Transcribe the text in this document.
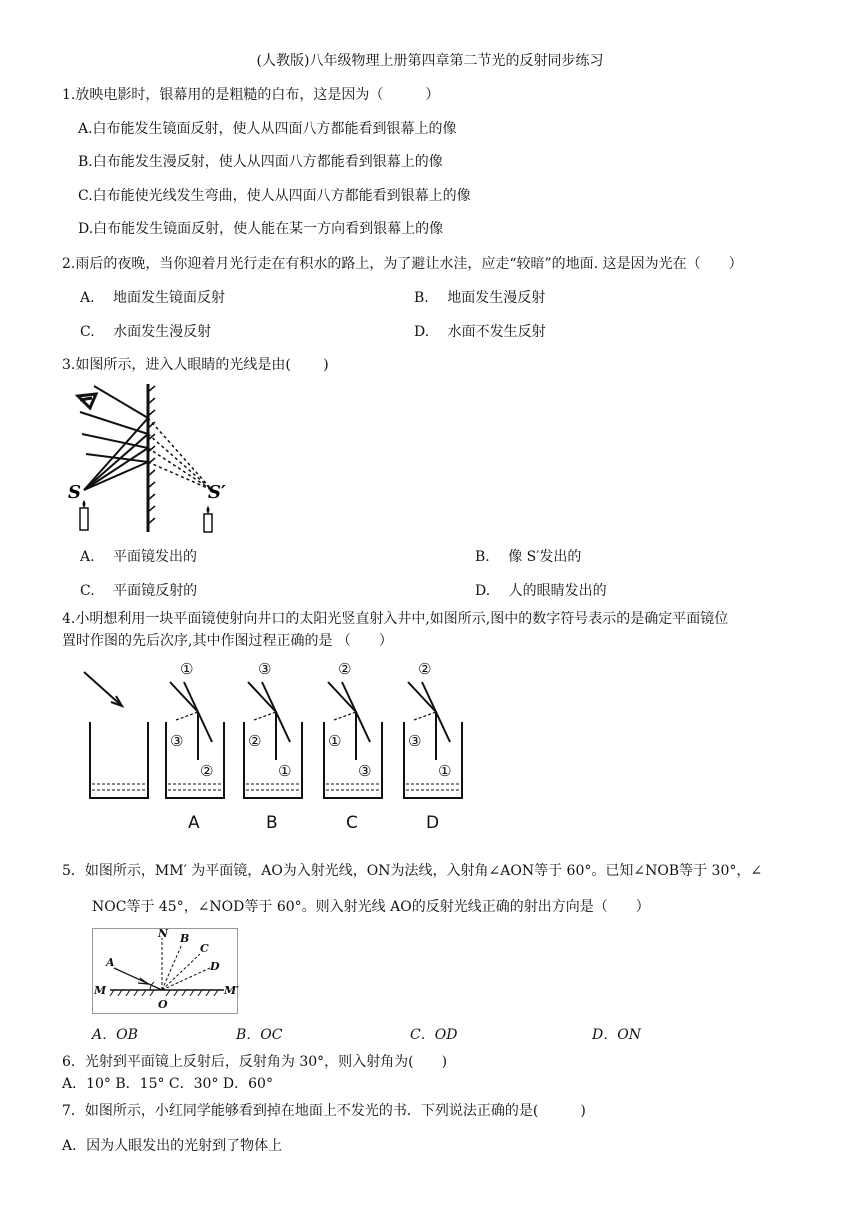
(人教版)八年级物理上册第四章第二节光的反射同步练习
1.放映电影时，银幕用的是粗糙的白布，这是因为（　　　）
A.白布能发生镜面反射，使人从四面八方都能看到银幕上的像
B.白布能发生漫反射，使人从四面八方都能看到银幕上的像
C.白布能使光线发生弯曲，使人从四面八方都能看到银幕上的像
D.白布能发生镜面反射，使人能在某一方向看到银幕上的像
2.雨后的夜晚，当你迎着月光行走在有积水的路上，为了避让水洼，应走“较暗”的地面. 这是因为光在（　　）
A.　 地面发生镜面反射	B.　 地面发生漫反射
C.　 水面发生漫反射	D.　 水面不发生反射
3.如图所示，进入人眼睛的光线是由(　　 )
S	S′
A.　 平面镜发出的	B.　 像 S′发出的
C.　 平面镜反射的	D.　 人的眼睛发出的
4.小明想利用一块平面镜使射向井口的太阳光竖直射入井中,如图所示,图中的数字符号表示的是确定平面镜位
置时作图的先后次序,其中作图过程正确的是 （　　）
①
③
②
③
②
①
②
①
③
②
③
①
A	B	C	D
5．如图所示，MM′ 为平面镜，AO为入射光线，ON为法线，入射角∠AON等于 60°。已知∠NOB等于 30°，∠
NOC等于 45°，∠NOD等于 60°。则入射光线 AO的反射光线正确的射出方向是（　　）
N B
C
D
A
M	M′
O
A．OB	B．OC	C．OD	D．ON
6．光射到平面镜上反射后，反射角为 30°，则入射角为(　　)
A．10° B．15° C．30° D．60°
7．如图所示，小红同学能够看到掉在地面上不发光的书．下列说法正确的是(　　　)
A．因为人眼发出的光射到了物体上
